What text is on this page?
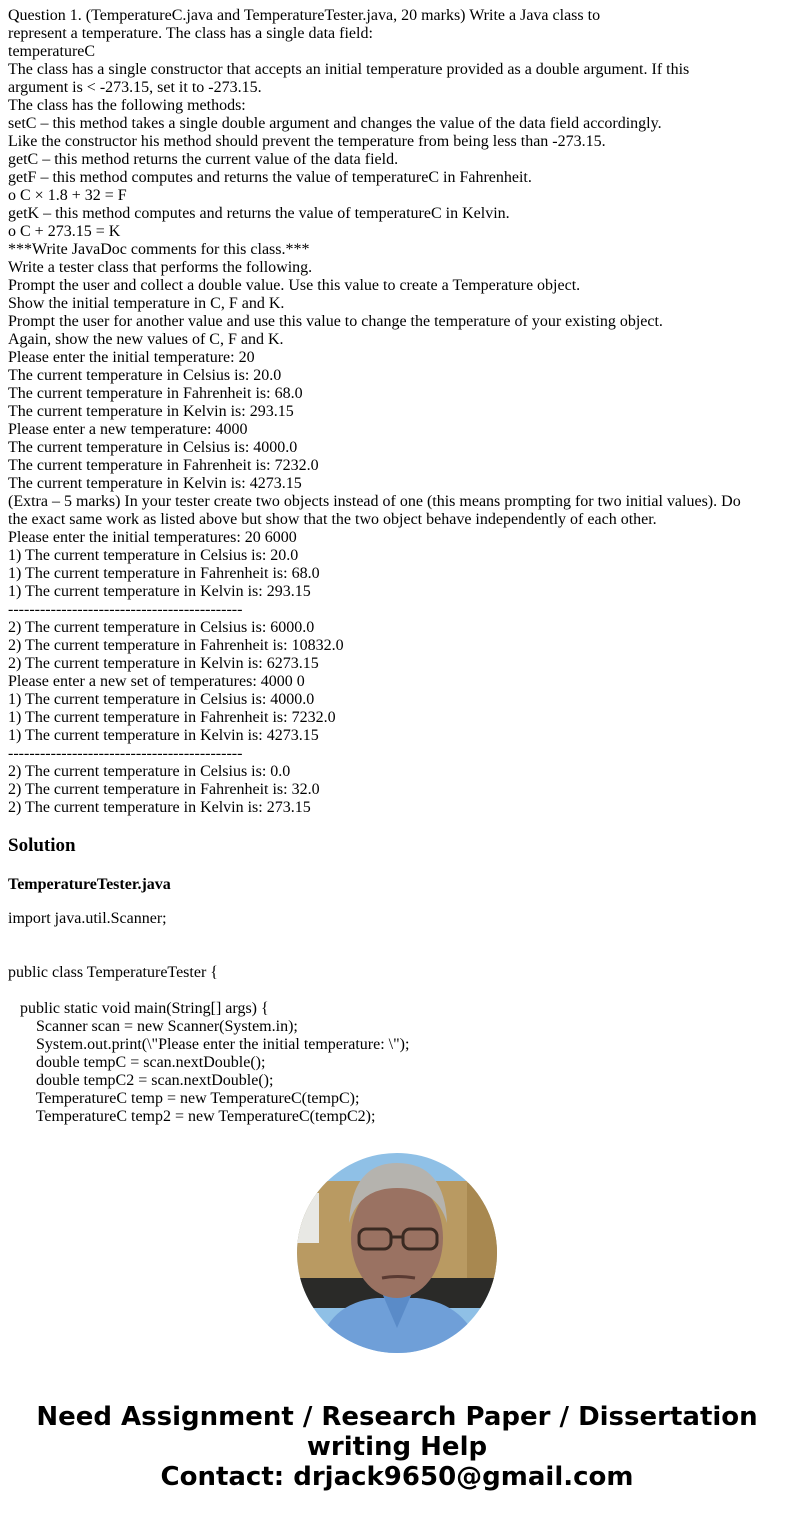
Question 1. (TemperatureC.java and TemperatureTester.java, 20 marks) Write a Java class to
represent a temperature. The class has a single data field:
temperatureC
The class has a single constructor that accepts an initial temperature provided as a double argument. If this
argument is < -273.15, set it to -273.15.
The class has the following methods:
setC – this method takes a single double argument and changes the value of the data field accordingly.
Like the constructor his method should prevent the temperature from being less than -273.15.
getC – this method returns the current value of the data field.
getF – this method computes and returns the value of temperatureC in Fahrenheit.
o C × 1.8 + 32 = F
getK – this method computes and returns the value of temperatureC in Kelvin.
o C + 273.15 = K
***Write JavaDoc comments for this class.***
Write a tester class that performs the following.
Prompt the user and collect a double value. Use this value to create a Temperature object.
Show the initial temperature in C, F and K.
Prompt the user for another value and use this value to change the temperature of your existing object.
Again, show the new values of C, F and K.
Please enter the initial temperature: 20
The current temperature in Celsius is: 20.0
The current temperature in Fahrenheit is: 68.0
The current temperature in Kelvin is: 293.15
Please enter a new temperature: 4000
The current temperature in Celsius is: 4000.0
The current temperature in Fahrenheit is: 7232.0
The current temperature in Kelvin is: 4273.15
(Extra – 5 marks) In your tester create two objects instead of one (this means prompting for two initial values). Do
the exact same work as listed above but show that the two object behave independently of each other.
Please enter the initial temperatures: 20 6000
1) The current temperature in Celsius is: 20.0
1) The current temperature in Fahrenheit is: 68.0
1) The current temperature in Kelvin is: 293.15
--------------------------------------------
2) The current temperature in Celsius is: 6000.0
2) The current temperature in Fahrenheit is: 10832.0
2) The current temperature in Kelvin is: 6273.15
Please enter a new set of temperatures: 4000 0
1) The current temperature in Celsius is: 4000.0
1) The current temperature in Fahrenheit is: 7232.0
1) The current temperature in Kelvin is: 4273.15
--------------------------------------------
2) The current temperature in Celsius is: 0.0
2) The current temperature in Fahrenheit is: 32.0
2) The current temperature in Kelvin is: 273.15
Solution
TemperatureTester.java
import java.util.Scanner;
public class TemperatureTester {
public static void main(String[] args) {
Scanner scan = new Scanner(System.in);
System.out.print(\"Please enter the initial temperature: \");
double tempC = scan.nextDouble();
double tempC2 = scan.nextDouble();
TemperatureC temp = new TemperatureC(tempC);
TemperatureC temp2 = new TemperatureC(tempC2);
Need Assignment / Research Paper / Dissertation
writing Help
Contact: drjack9650@gmail.com
